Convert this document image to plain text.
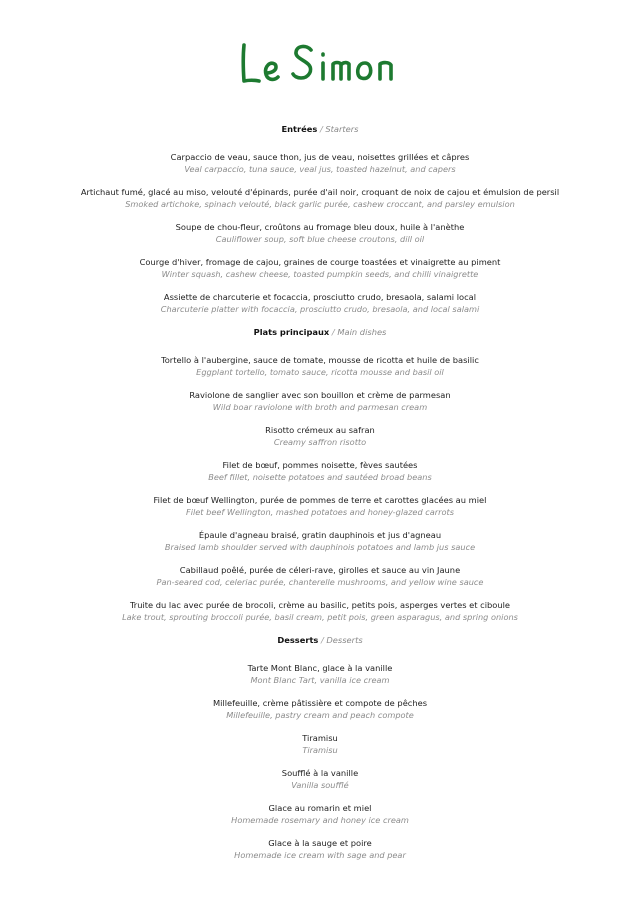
Entrées / Starters
Carpaccio de veau, sauce thon, jus de veau, noisettes grillées et câpres
Veal carpaccio, tuna sauce, veal jus, toasted hazelnut, and capers
Artichaut fumé, glacé au miso, velouté d'épinards, purée d'ail noir, croquant de noix de cajou et émulsion de persil
Smoked artichoke, spinach velouté, black garlic purée, cashew croccant, and parsley emulsion
Soupe de chou-fleur, croûtons au fromage bleu doux, huile à l'anèthe
Cauliflower soup, soft blue cheese croutons, dill oil
Courge d'hiver, fromage de cajou, graines de courge toastées et vinaigrette au piment
Winter squash, cashew cheese, toasted pumpkin seeds, and chilli vinaigrette
Assiette de charcuterie et focaccia, prosciutto crudo, bresaola, salami local
Charcuterie platter with focaccia, prosciutto crudo, bresaola, and local salami
Plats principaux / Main dishes
Tortello à l'aubergine, sauce de tomate, mousse de ricotta et huile de basilic
Eggplant tortello, tomato sauce, ricotta mousse and basil oil
Raviolone de sanglier avec son bouillon et crème de parmesan
Wild boar raviolone with broth and parmesan cream
Risotto crémeux au safran
Creamy saffron risotto
Filet de bœuf, pommes noisette, fèves sautées
Beef fillet, noisette potatoes and sautéed broad beans
Filet de bœuf Wellington, purée de pommes de terre et carottes glacées au miel
Filet beef Wellington, mashed potatoes and honey-glazed carrots
Épaule d'agneau braisé, gratin dauphinois et jus d'agneau
Braised lamb shoulder served with dauphinois potatoes and lamb jus sauce
Cabillaud poêlé, purée de céleri-rave, girolles et sauce au vin Jaune
Pan-seared cod, celeriac purée, chanterelle mushrooms, and yellow wine sauce
Truite du lac avec purée de brocoli, crème au basilic, petits pois, asperges vertes et ciboule
Lake trout, sprouting broccoli purée, basil cream, petit pois, green asparagus, and spring onions
Desserts / Desserts
Tarte Mont Blanc, glace à la vanille
Mont Blanc Tart, vanilla ice cream
Millefeuille, crème pâtissière et compote de pêches
Millefeuille, pastry cream and peach compote
Tiramisu
Tiramisu
Soufflé à la vanille
Vanilla soufflé
Glace au romarin et miel
Homemade rosemary and honey ice cream
Glace à la sauge et poire
Homemade ice cream with sage and pear
